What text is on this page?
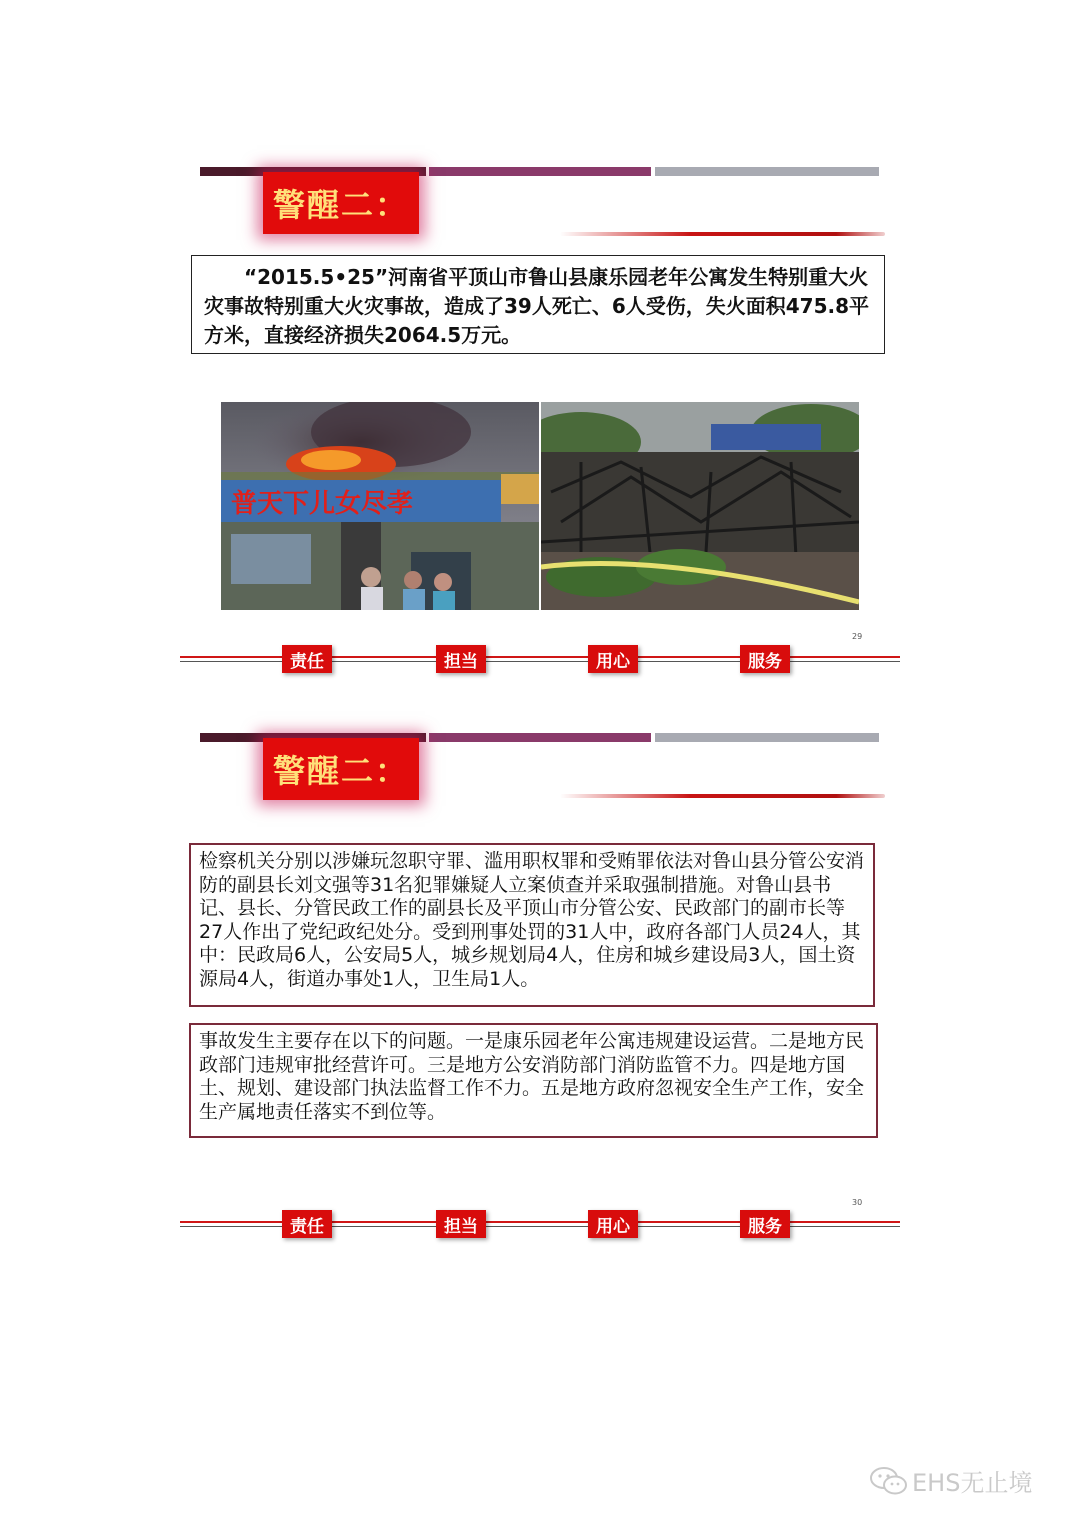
警醒二：
“2015.5•25”河南省平顶山市鲁山县康乐园老年公寓发生特别重大火灾事故特别重大火灾事故，造成了39人死亡、6人受伤，失火面积475.8平方米，直接经济损失2064.5万元。
普天下儿女尽孝
责任	担当	用心	服务
29
警醒二：
检察机关分别以涉嫌玩忽职守罪、滥用职权罪和受贿罪依法对鲁山县分管公安消防的副县长刘文强等31名犯罪嫌疑人立案侦查并采取强制措施。对鲁山县书记、县长、分管民政工作的副县长及平顶山市分管公安、民政部门的副市长等27人作出了党纪政纪处分。受到刑事处罚的31人中，政府各部门人员24人，其中：民政局6人，公安局5人，城乡规划局4人，住房和城乡建设局3人，国土资源局4人，街道办事处1人，卫生局1人。
事故发生主要存在以下的问题。一是康乐园老年公寓违规建设运营。二是地方民政部门违规审批经营许可。三是地方公安消防部门消防监管不力。四是地方国土、规划、建设部门执法监督工作不力。五是地方政府忽视安全生产工作，安全生产属地责任落实不到位等。
责任	担当	用心	服务
30
EHS无止境
